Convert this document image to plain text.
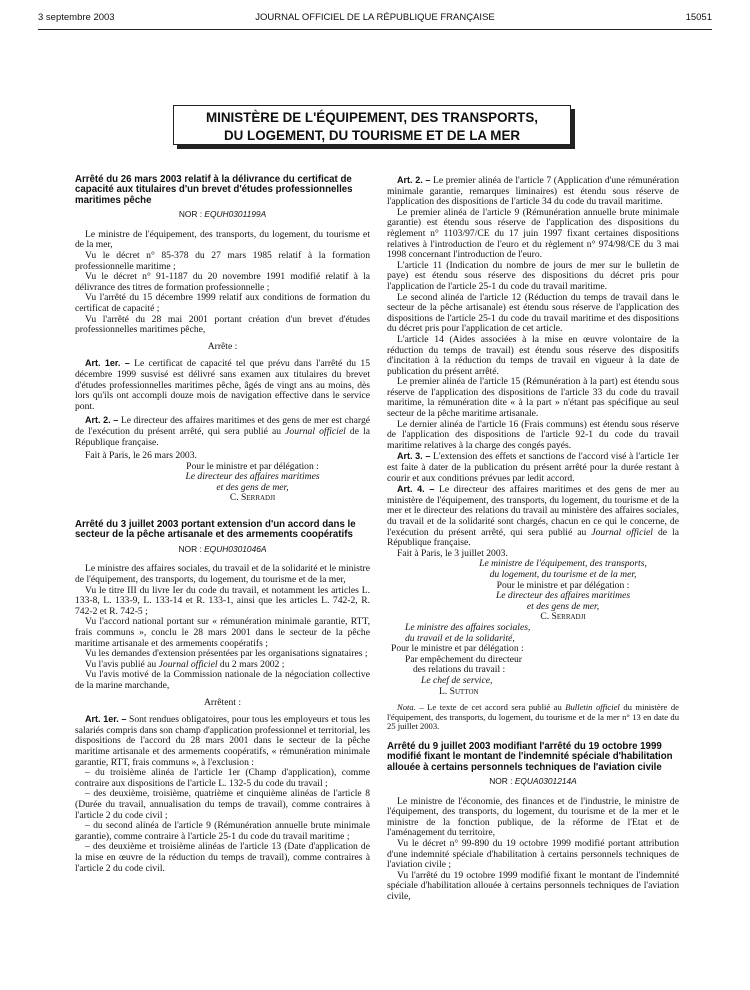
3 septembre 2003	JOURNAL OFFICIEL DE LA RÉPUBLIQUE FRANÇAISE	15051
MINISTÈRE DE L'ÉQUIPEMENT, DES TRANSPORTS,
DU LOGEMENT, DU TOURISME ET DE LA MER

Arrêté du 26 mars 2003 relatif à la délivrance du certificat de capacité aux titulaires d'un brevet d'études professionnelles maritimes pêche

NOR : EQUH0301199A

Le ministre de l'équipement, des transports, du logement, du tourisme et de la mer,

Vu le décret n° 85-378 du 27 mars 1985 relatif à la formation professionnelle maritime ;

Vu le décret n° 91-1187 du 20 novembre 1991 modifié relatif à la délivrance des titres de formation professionnelle ;

Vu l'arrêté du 15 décembre 1999 relatif aux conditions de formation du certificat de capacité ;

Vu l'arrêté du 28 mai 2001 portant création d'un brevet d'études professionnelles maritimes pêche,

Arrête :

Art. 1er. – Le certificat de capacité tel que prévu dans l'arrêté du 15 décembre 1999 susvisé est délivré sans examen aux titulaires du brevet d'études professionnelles maritimes pêche, âgés de vingt ans au moins, dès lors qu'ils ont accompli douze mois de navigation effective dans le service pont.

Art. 2. – Le directeur des affaires maritimes et des gens de mer est chargé de l'exécution du présent arrêté, qui sera publié au Journal officiel de la République française.

Fait à Paris, le 26 mars 2003.

Pour le ministre et par délégation :

Le directeur des affaires maritimes

et des gens de mer,

C. Serradji

Arrêté du 3 juillet 2003 portant extension d'un accord dans le secteur de la pêche artisanale et des armements coopératifs

NOR : EQUH0301046A

Le ministre des affaires sociales, du travail et de la solidarité et le ministre de l'équipement, des transports, du logement, du tourisme et de la mer,

Vu le titre III du livre Ier du code du travail, et notamment les articles L. 133-8, L. 133-9, L. 133-14 et R. 133-1, ainsi que les articles L. 742-2, R. 742-2 et R. 742-5 ;

Vu l'accord national portant sur « rémunération minimale garantie, RTT, frais communs », conclu le 28 mars 2001 dans le secteur de la pêche maritime artisanale et des armements coopératifs ;

Vu les demandes d'extension présentées par les organisations signataires ;

Vu l'avis publié au Journal officiel du 2 mars 2002 ;

Vu l'avis motivé de la Commission nationale de la négociation collective de la marine marchande,

Arrêtent :

Art. 1er. – Sont rendues obligatoires, pour tous les employeurs et tous les salariés compris dans son champ d'application professionnel et territorial, les dispositions de l'accord du 28 mars 2001 dans le secteur de la pêche maritime artisanale et des armements coopératifs, « rémunération minimale garantie, RTT, frais communs », à l'exclusion :

– du troisième alinéa de l'article 1er (Champ d'application), comme contraire aux dispositions de l'article L. 132-5 du code du travail ;

– des deuxième, troisième, quatrième et cinquième alinéas de l'article 8 (Durée du travail, annualisation du temps de travail), comme contraires à l'article 2 du code civil ;

– du second alinéa de l'article 9 (Rémunération annuelle brute minimale garantie), comme contraire à l'article 25-1 du code du travail maritime ;

– des deuxième et troisième alinéas de l'article 13 (Date d'application de la mise en œuvre de la réduction du temps de travail), comme contraires à l'article 2 du code civil.

Art. 2. – Le premier alinéa de l'article 7 (Application d'une rémunération minimale garantie, remarques liminaires) est étendu sous réserve de l'application des dispositions de l'article 34 du code du travail maritime.

Le premier alinéa de l'article 9 (Rémunération annuelle brute minimale garantie) est étendu sous réserve de l'application des dispositions du règlement n° 1103/97/CE du 17 juin 1997 fixant certaines dispositions relatives à l'introduction de l'euro et du règlement n° 974/98/CE du 3 mai 1998 concernant l'introduction de l'euro.

L'article 11 (Indication du nombre de jours de mer sur le bulletin de paye) est étendu sous réserve des dispositions du décret pris pour l'application de l'article 25-1 du code du travail maritime.

Le second alinéa de l'article 12 (Réduction du temps de travail dans le secteur de la pêche artisanale) est étendu sous réserve de l'application des dispositions de l'article 25-1 du code du travail maritime et des dispositions du décret pris pour l'application de cet article.

L'article 14 (Aides associées à la mise en œuvre volontaire de la réduction du temps de travail) est étendu sous réserve des dispositifs d'incitation à la réduction du temps de travail en vigueur à la date de publication du présent arrêté.

Le premier alinéa de l'article 15 (Rémunération à la part) est étendu sous réserve de l'application des dispositions de l'article 33 du code du travail maritime, la rémunération dite « à la part » n'étant pas spécifique au seul secteur de la pêche maritime artisanale.

Le dernier alinéa de l'article 16 (Frais communs) est étendu sous réserve de l'application des dispositions de l'article 92-1 du code du travail maritime relatives à la charge des congés payés.

Art. 3. – L'extension des effets et sanctions de l'accord visé à l'article 1er est faite à dater de la publication du présent arrêté pour la durée restant à courir et aux conditions prévues par ledit accord.

Art. 4. – Le directeur des affaires maritimes et des gens de mer au ministère de l'équipement, des transports, du logement, du tourisme et de la mer et le directeur des relations du travail au ministère des affaires sociales, du travail et de la solidarité sont chargés, chacun en ce qui le concerne, de l'exécution du présent arrêté, qui sera publié au Journal officiel de la République française.

Fait à Paris, le 3 juillet 2003.

Le ministre de l'équipement, des transports,

du logement, du tourisme et de la mer,

Pour le ministre et par délégation :

Le directeur des affaires maritimes

et des gens de mer,

C. Serradji

Le ministre des affaires sociales,

du travail et de la solidarité,

Pour le ministre et par délégation :

Par empêchement du directeur

des relations du travail :

Le chef de service,

L. Sutton

Nota. – Le texte de cet accord sera publié au Bulletin officiel du ministère de l'équipement, des transports, du logement, du tourisme et de la mer n° 13 en date du 25 juillet 2003.

Arrêté du 9 juillet 2003 modifiant l'arrêté du 19 octobre 1999 modifié fixant le montant de l'indemnité spéciale d'habilitation allouée à certains personnels techniques de l'aviation civile

NOR : EQUA0301214A

Le ministre de l'économie, des finances et de l'industrie, le ministre de l'équipement, des transports, du logement, du tourisme et de la mer et le ministre de la fonction publique, de la réforme de l'Etat et de l'aménagement du territoire,

Vu le décret n° 99-890 du 19 octobre 1999 modifié portant attribution d'une indemnité spéciale d'habilitation à certains personnels techniques de l'aviation civile ;

Vu l'arrêté du 19 octobre 1999 modifié fixant le montant de l'indemnité spéciale d'habilitation allouée à certains personnels techniques de l'aviation civile,
